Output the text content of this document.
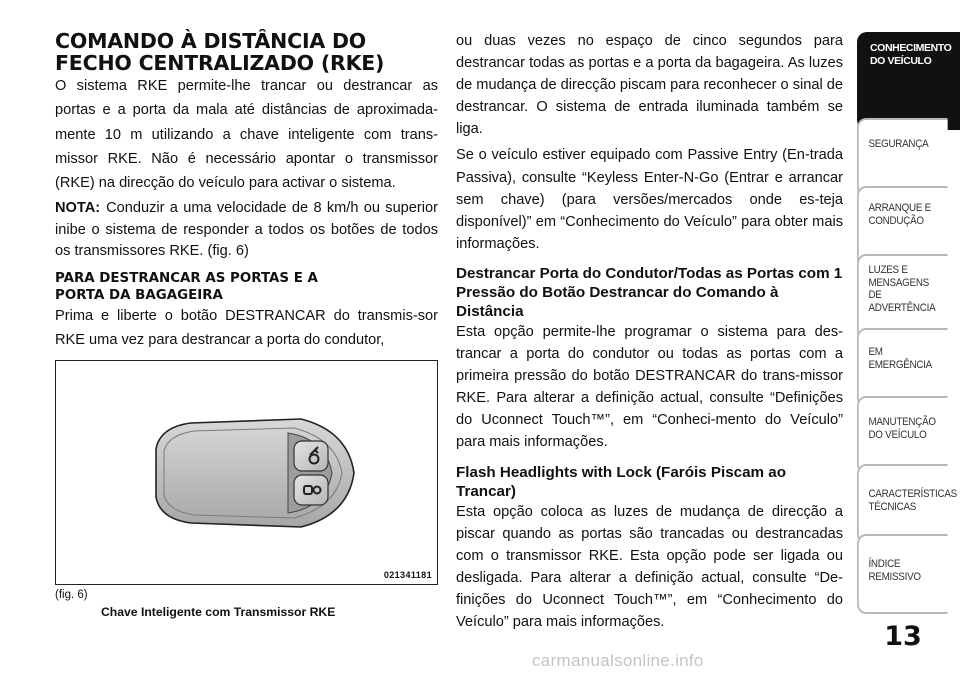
COMANDO À DISTÂNCIA DO
FECHO CENTRALIZADO (RKE)

O sistema RKE permite-lhe trancar ou destrancar as portas e a porta da mala até distâncias de aproximada-mente 10 m utilizando a chave inteligente com trans-missor RKE. Não é necessário apontar o transmissor (RKE) na direcção do veículo para activar o sistema.

NOTA: Conduzir a uma velocidade de 8 km/h ou superior inibe o sistema de responder a todos os botões de todos os transmissores RKE. (fig. 6)

PARA DESTRANCAR AS PORTAS E A
PORTA DA BAGAGEIRA

Prima e liberte o botão DESTRANCAR do transmis-sor RKE uma vez para destrancar a porta do condutor,

021341181
(fig. 6)
Chave Inteligente com Transmissor RKE

ou duas vezes no espaço de cinco segundos para destrancar todas as portas e a porta da bagageira. As luzes de mudança de direcção piscam para reconhecer o sinal de destrancar. O sistema de entrada iluminada também se liga.

Se o veículo estiver equipado com Passive Entry (En-trada Passiva), consulte “Keyless Enter-N-Go (Entrar e arrancar sem chave) (para versões/mercados onde es-teja disponível)” em “Conhecimento do Veículo” para obter mais informações.

Destrancar Porta do Condutor/Todas as Portas com 1 Pressão do Botão Destrancar do Comando à Distância

Esta opção permite-lhe programar o sistema para des-trancar a porta do condutor ou todas as portas com a primeira pressão do botão DESTRANCAR do trans-missor RKE. Para alterar a definição actual, consulte “Definições do Uconnect Touch™”, em “Conheci-mento do Veículo” para mais informações.

Flash Headlights with Lock (Faróis Piscam ao Trancar)

Esta opção coloca as luzes de mudança de direcção a piscar quando as portas são trancadas ou destrancadas com o transmissor RKE. Esta opção pode ser ligada ou desligada. Para alterar a definição actual, consulte “De-finições do Uconnect Touch™”, em “Conhecimento do Veículo” para mais informações.

CONHECIMENTO DO VEÍCULO
SEGURANÇA
ARRANQUE E CONDUÇÃO
LUZES E MENSAGENS DE ADVERTÊNCIA
EM EMERGÊNCIA
MANUTENÇÃO DO VEÍCULO
CARACTERÍSTICAS TÉCNICAS
ÍNDICE REMISSIVO
13
carmanualsonline.info
